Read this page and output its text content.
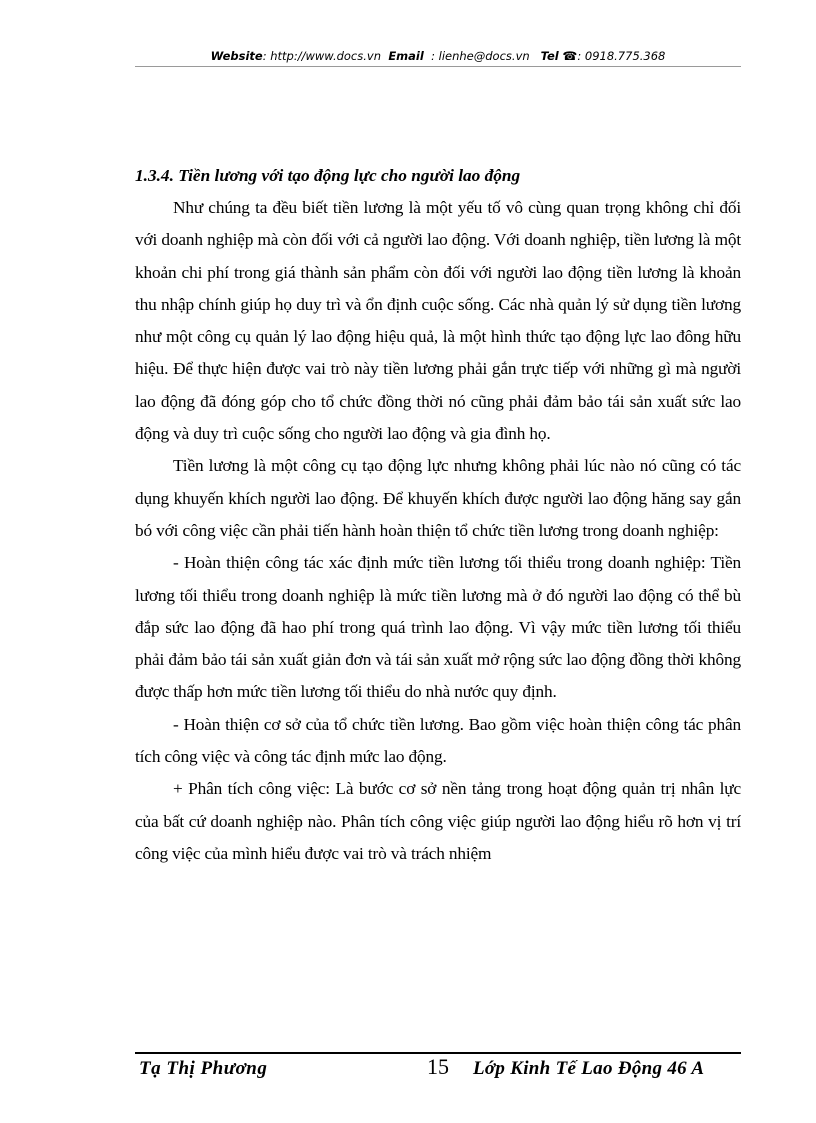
Website: http://www.docs.vn Email : lienhe@docs.vn Tel ☎: 0918.775.368

1.3.4. Tiền lương với tạo động lực cho người lao động

Như chúng ta đều biết tiền lương là một yếu tố vô cùng quan trọng không chỉ đối với doanh nghiệp mà còn đối với cả người lao động. Với doanh nghiệp, tiền lương là một khoản chi phí trong giá thành sản phẩm còn đối với người lao động tiền lương là khoản thu nhập chính giúp họ duy trì và ổn định cuộc sống. Các nhà quản lý sử dụng tiền lương như một công cụ quản lý lao động hiệu quả, là một hình thức tạo động lực lao đông hữu hiệu. Để thực hiện được vai trò này tiền lương phải gắn trực tiếp với những gì mà người lao động đã đóng góp cho tổ chức đồng thời nó cũng phải đảm bảo tái sản xuất sức lao động và duy trì cuộc sống cho người lao động và gia đình họ.

Tiền lương là một công cụ tạo động lực nhưng không phải lúc nào nó cũng có tác dụng khuyến khích người lao động. Để khuyến khích được người lao động hăng say gắn bó với công việc cần phải tiến hành hoàn thiện tổ chức tiền lương trong doanh nghiệp:

- Hoàn thiện công tác xác định mức tiền lương tối thiểu trong doanh nghiệp: Tiền lương tối thiểu trong doanh nghiệp là mức tiền lương mà ở đó người lao động có thể bù đắp sức lao động đã hao phí trong quá trình lao động. Vì vậy mức tiền lương tối thiểu phải đảm bảo tái sản xuất giản đơn và tái sản xuất mở rộng sức lao động đồng thời không được thấp hơn mức tiền lương tối thiểu do nhà nước quy định.

- Hoàn thiện cơ sở của tổ chức tiền lương. Bao gồm việc hoàn thiện công tác phân tích công việc và công tác định mức lao động.

+ Phân tích công việc: Là bước cơ sở nền tảng trong hoạt động quản trị nhân lực của bất cứ doanh nghiệp nào. Phân tích công việc giúp người lao động hiểu rõ hơn vị trí công việc của mình hiểu được vai trò và trách nhiệm

Tạ Thị Phương	15 Lớp Kinh Tế Lao Động 46 A
